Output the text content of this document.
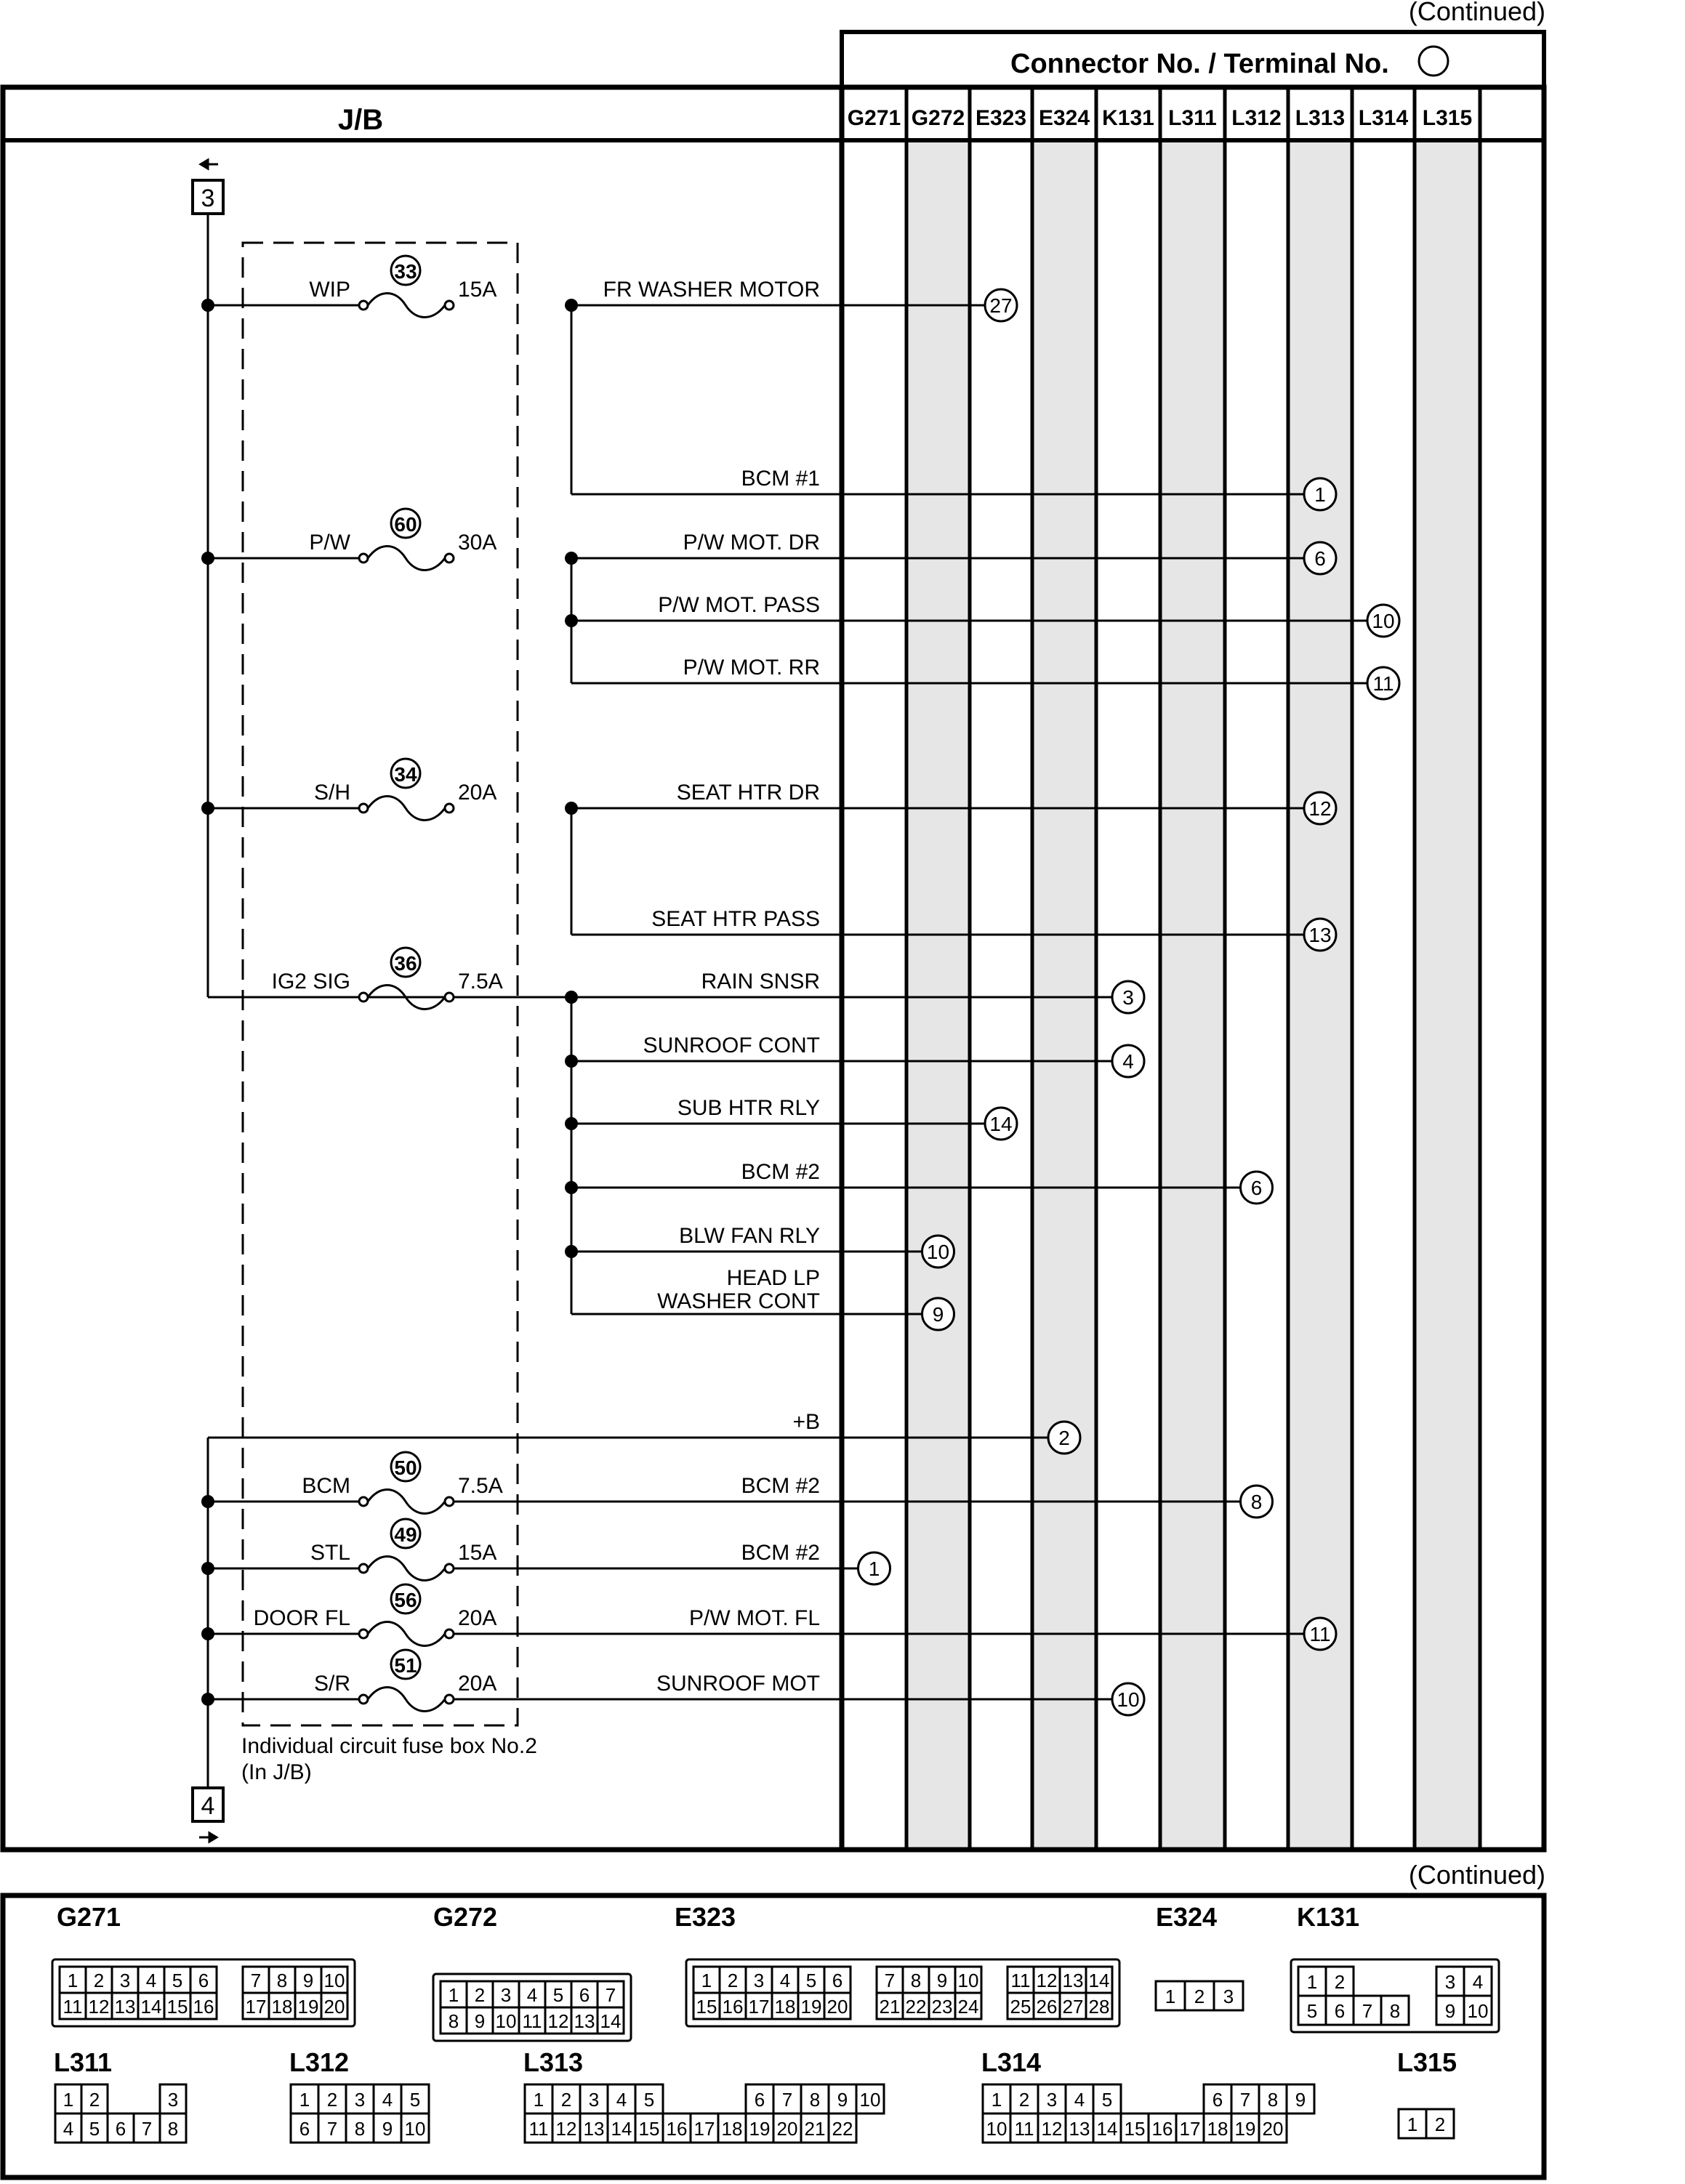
(Continued)
Connector No. / Terminal No.
J/B
(Continued)
Individual circuit fuse box No.2
(In J/B)
G271 G272 E323 E324 K131 L311 L312 L313 L314 L315
3
4
33
WIP	15A
60
P/W	30A
34
S/H	20A
36
IG2 SIG	7.5A
50
BCM	7.5A
49
STL	15A
56
DOOR FL	20A
51
S/R	20A
27
FR WASHER MOTOR
1
BCM #1
6
P/W MOT. DR
10
P/W MOT. PASS
11
P/W MOT. RR
12
SEAT HTR DR
13
SEAT HTR PASS
3
RAIN SNSR
4
SUNROOF CONT
14
SUB HTR RLY
6
BCM #2
10
BLW FAN RLY
9
HEAD LP
WASHER CONT
2
+B
8
BCM #2
1
BCM #2
11
P/W MOT. FL
10
SUNROOF MOT
G271
1 2 3 4 5 6 7 8 9 10
11 12 13 14 15 16 17 18 19 20
G272
1 2 3 4 5 6 7
8 9 10 11 12 13 14
E323
1 2 3 4 5 6 7 8 9 10 11 12 13 14
15 16 17 18 19 20 21 22 23 24 25 26 27 28
E324
1 2 3
K131
1 2	3 4
5 6 7 8 9 10
L311
1 2	3
4 5 6 7 8
L312
1 2 3 4 5
6 7 8 9 10
L313
1 2 3 4 5	6 7 8 9 10
11 12 13 14 15 16 17 18 19 20 21 22
L314
1 2 3 4 5	6 7 8 9
10 11 12 13 14 15 16 17 18 19 20
L315
1 2
